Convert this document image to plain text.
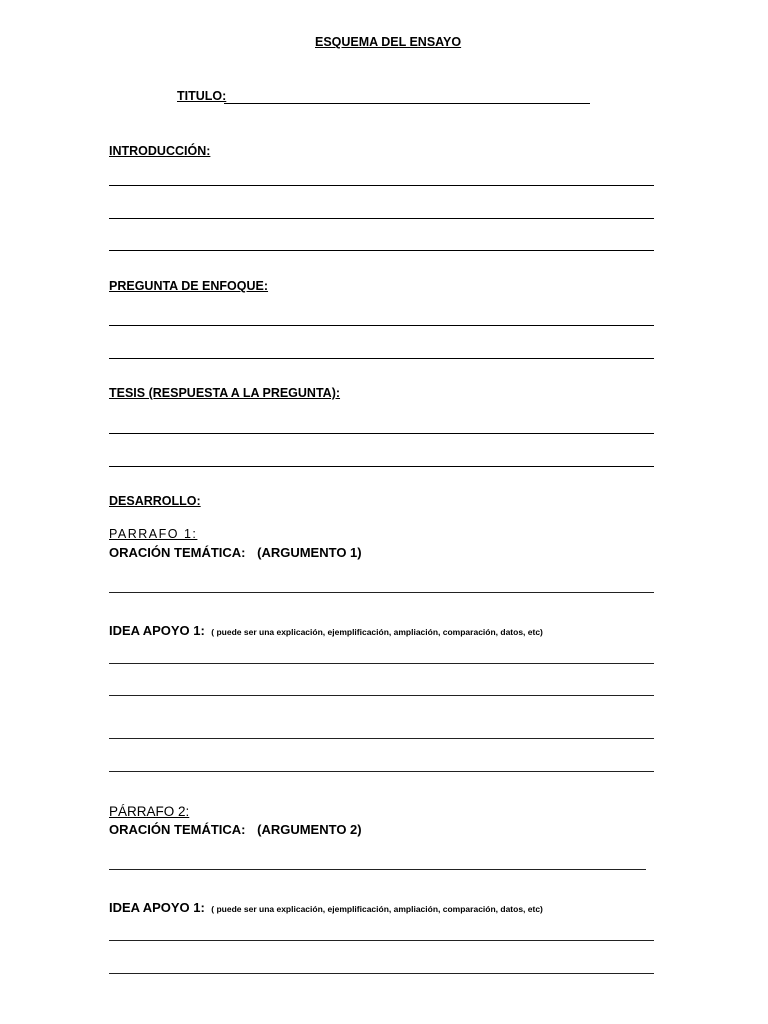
ESQUEMA DEL ENSAYO
TITULO:
INTRODUCCIÓN:
PREGUNTA DE ENFOQUE:
TESIS (RESPUESTA A LA PREGUNTA):
DESARROLLO:
PARRAFO 1:
ORACIÓN TEMÁTICA: (ARGUMENTO 1)
IDEA APOYO 1: ( puede ser una explicación, ejemplificación, ampliación, comparación, datos, etc)
PÁRRAFO 2:
ORACIÓN TEMÁTICA: (ARGUMENTO 2)
IDEA APOYO 1: ( puede ser una explicación, ejemplificación, ampliación, comparación, datos, etc)
